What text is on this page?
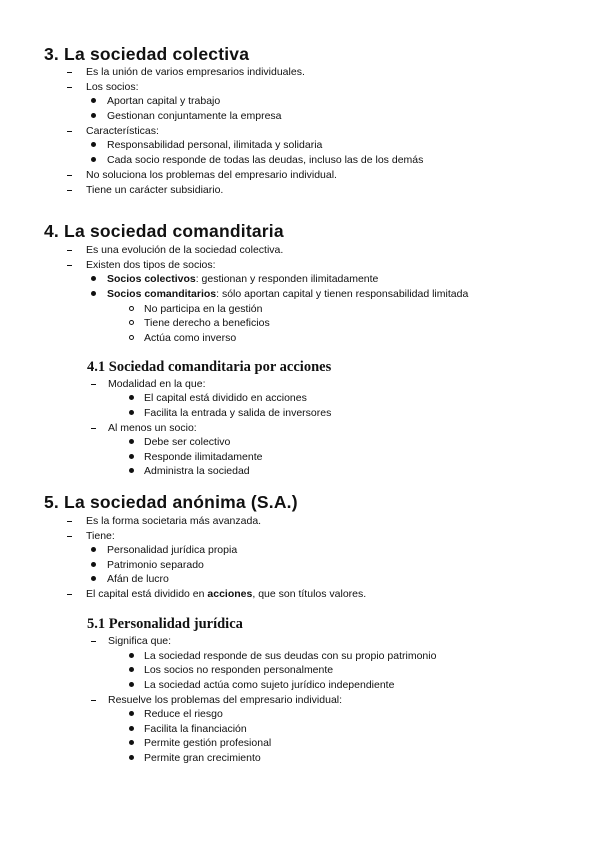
3. La sociedad colectiva
Es la unión de varios empresarios individuales.
Los socios:
Aportan capital y trabajo
Gestionan conjuntamente la empresa
Características:
Responsabilidad personal, ilimitada y solidaria
Cada socio responde de todas las deudas, incluso las de los demás
No soluciona los problemas del empresario individual.
Tiene un carácter subsidiario.
4. La sociedad comanditaria
Es una evolución de la sociedad colectiva.
Existen dos tipos de socios:
Socios colectivos: gestionan y responden ilimitadamente
Socios comanditarios: sólo aportan capital y tienen responsabilidad limitada
No participa en la gestión
Tiene derecho a beneficios
Actúa como inverso
4.1 Sociedad comanditaria por acciones
Modalidad en la que:
El capital está dividido en acciones
Facilita la entrada y salida de inversores
Al menos un socio:
Debe ser colectivo
Responde ilimitadamente
Administra la sociedad
5. La sociedad anónima (S.A.)
Es la forma societaria más avanzada.
Tiene:
Personalidad jurídica propia
Patrimonio separado
Afán de lucro
El capital está dividido en acciones, que son títulos valores.
5.1 Personalidad jurídica
Significa que:
La sociedad responde de sus deudas con su propio patrimonio
Los socios no responden personalmente
La sociedad actúa como sujeto jurídico independiente
Resuelve los problemas del empresario individual:
Reduce el riesgo
Facilita la financiación
Permite gestión profesional
Permite gran crecimiento
